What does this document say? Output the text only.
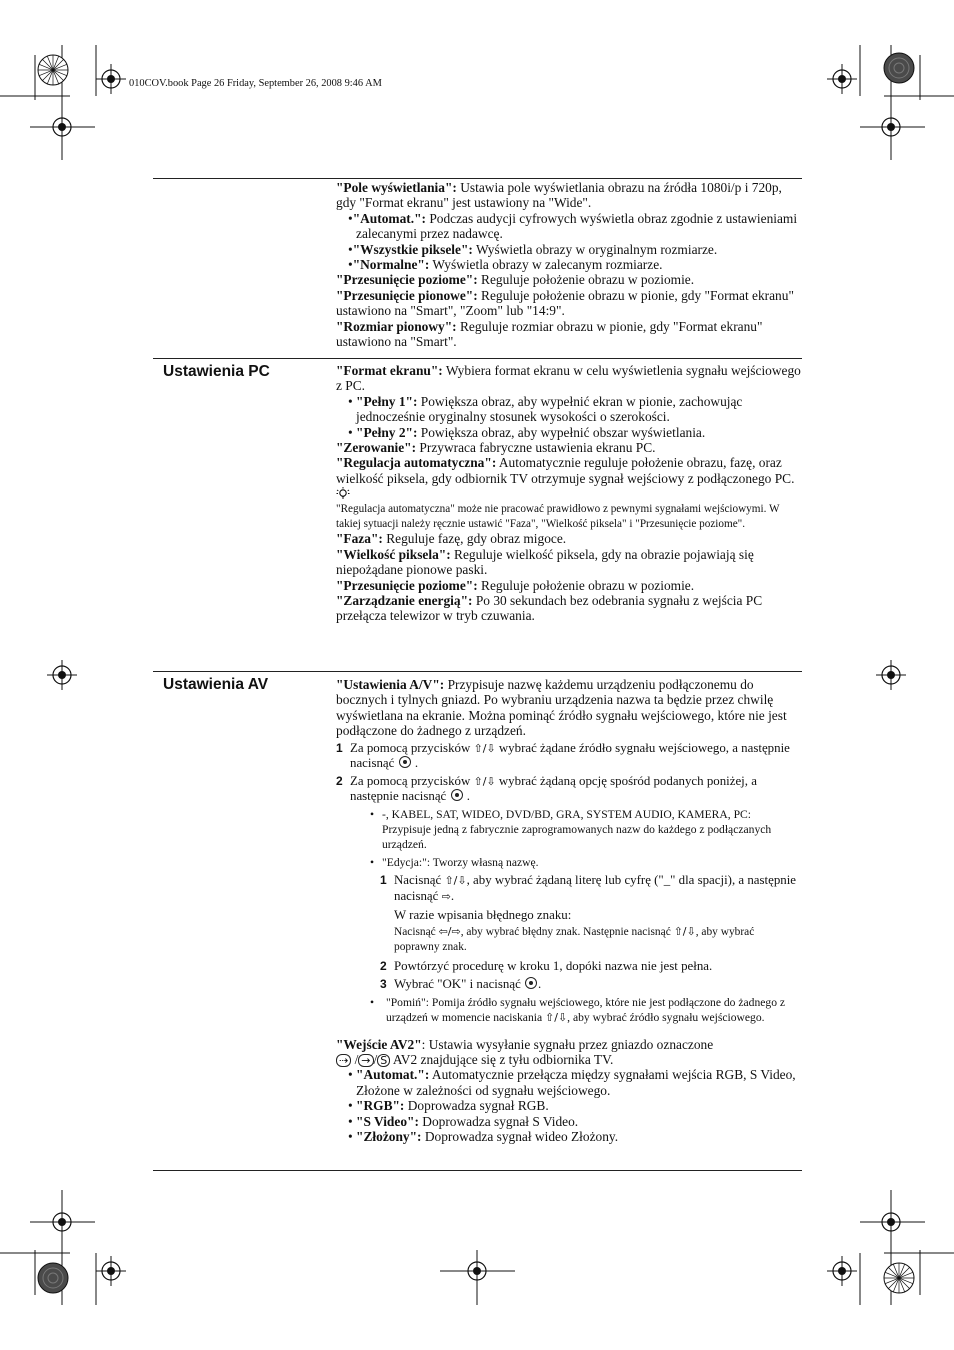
010COV.book Page 26 Friday, September 26, 2008 9:46 AM

"Pole wyświetlania": Ustawia pole wyświetlania obrazu na źródła 1080i/p i 720p, gdy "Format ekranu" jest ustawiony na "Wide".

•"Automat.": Podczas audycji cyfrowych wyświetla obraz zgodnie z ustawieniami zalecanymi przez nadawcę.

•"Wszystkie piksele": Wyświetla obrazy w oryginalnym rozmiarze.

•"Normalne": Wyświetla obrazy w zalecanym rozmiarze.

"Przesunięcie poziome": Reguluje położenie obrazu w poziomie.

"Przesunięcie pionowe": Reguluje położenie obrazu w pionie, gdy "Format ekranu" ustawiono na "Smart", "Zoom" lub "14:9".

"Rozmiar pionowy": Reguluje rozmiar obrazu w pionie, gdy "Format ekranu" ustawiono na "Smart".

Ustawienia PC	"Format ekranu": Wybiera format ekranu w celu wyświetlenia sygnału wejściowego z PC.

• "Pełny 1": Powiększa obraz, aby wypełnić ekran w pionie, zachowując jednocześnie oryginalny stosunek wysokości o szerokości.

• "Pełny 2": Powiększa obraz, aby wypełnić obszar wyświetlania.

"Zerowanie": Przywraca fabryczne ustawienia ekranu PC.

"Regulacja automatyczna": Automatycznie reguluje położenie obrazu, fazę, oraz wielkość piksela, gdy odbiornik TV otrzymuje sygnał wejściowy z podłączonego PC.

"Regulacja automatyczna" może nie pracować prawidłowo z pewnymi sygnałami wejściowymi. W takiej sytuacji należy ręcznie ustawić "Faza", "Wielkość piksela" i "Przesunięcie poziome".

"Faza": Reguluje fazę, gdy obraz migoce.

"Wielkość piksela": Reguluje wielkość piksela, gdy na obrazie pojawiają się niepożądane pionowe paski.

"Przesunięcie poziome": Reguluje położenie obrazu w poziomie.

"Zarządzanie energią": Po 30 sekundach bez odebrania sygnału z wejścia PC przełącza telewizor w tryb czuwania.

Ustawienia AV	"Ustawienia A/V": Przypisuje nazwę każdemu urządzeniu podłączonemu do bocznych i tylnych gniazd. Po wybraniu urządzenia nazwa ta będzie przez chwilę wyświetlana na ekranie. Można pominąć źródło sygnału wejściowego, które nie jest podłączone do żadnego z urządzeń.

1 Za pomocą przycisków ⇧/⇩ wybrać żądane źródło sygnału wejściowego, a następnie nacisnąć  .
2 Za pomocą przycisków ⇧/⇩ wybrać żądaną opcję spośród podanych poniżej, a następnie nacisnąć  .
• -, KABEL, SAT, WIDEO, DVD/BD, GRA, SYSTEM AUDIO, KAMERA, PC:
Przypisuje jedną z fabrycznie zaprogramowanych nazw do każdego z podłączanych urządzeń.
• "Edycja:": Tworzy własną nazwę.
1 Nacisnąć ⇧/⇩, aby wybrać żądaną literę lub cyfrę ("_" dla spacji), a następnie nacisnąć ⇨.
W razie wpisania błędnego znaku:
Nacisnąć ⇦/⇨, aby wybrać błędny znak. Następnie nacisnąć ⇧/⇩, aby wybrać poprawny znak.
2 Powtórzyć procedurę w kroku 1, dopóki nazwa nie jest pełna.
3 Wybrać "OK" i nacisnąć .
• "Pomiń": Pomija źródło sygnału wejściowego, które nie jest podłączone do żadnego z urządzeń w momencie naciskania ⇧/⇩, aby wybrać źródło sygnału wejściowego.

"Wejście AV2": Ustawia wysyłanie sygnału przez gniazdo oznaczone
⇢ / → / S AV2 znajdujące się z tyłu odbiornika TV.

• "Automat.": Automatycznie przełącza między sygnałami wejścia RGB, S Video, Złożone w zależności od sygnału wejściowego.

• "RGB": Doprowadza sygnał RGB.

• "S Video": Doprowadza sygnał S Video.

• "Złożony": Doprowadza sygnał wideo Złożony.
